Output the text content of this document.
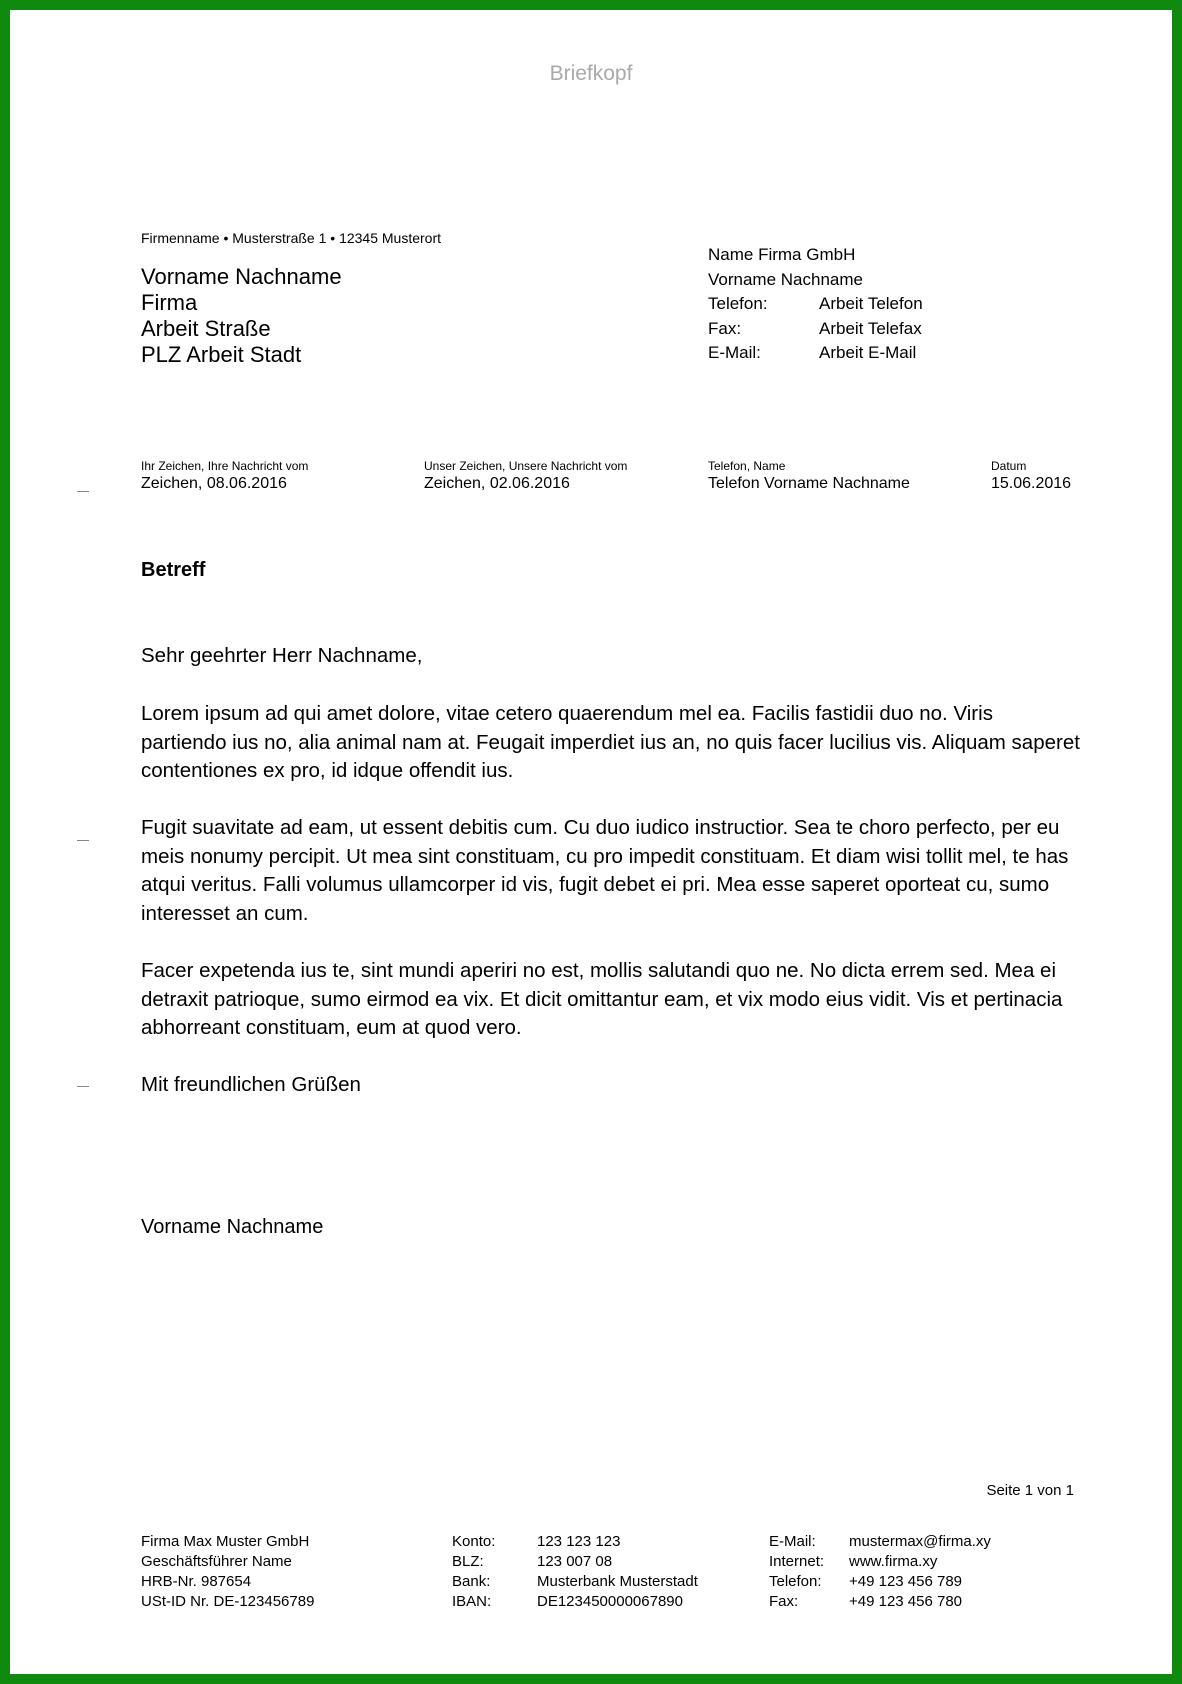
Briefkopf
Firmenname • Musterstraße 1 • 12345 Musterort
Vorname Nachname
Firma
Arbeit Straße
PLZ Arbeit Stadt
Name Firma GmbH
Vorname Nachname
Telefon:	Arbeit Telefon
Fax:	Arbeit Telefax
E-Mail:	Arbeit E-Mail
Ihr Zeichen, Ihre Nachricht vom
Zeichen, 08.06.2016
Unser Zeichen, Unsere Nachricht vom
Zeichen, 02.06.2016
Telefon, Name
Telefon Vorname Nachname
Datum
15.06.2016
Betreff

Sehr geehrter Herr Nachname,

Lorem ipsum ad qui amet dolore, vitae cetero quaerendum mel ea. Facilis fastidii duo no. Viris partiendo ius no, alia animal nam at. Feugait imperdiet ius an, no quis facer lucilius vis. Aliquam saperet contentiones ex pro, id idque offendit ius.

Fugit suavitate ad eam, ut essent debitis cum. Cu duo iudico instructior. Sea te choro perfecto, per eu meis nonumy percipit. Ut mea sint constituam, cu pro impedit constituam. Et diam wisi tollit mel, te has atqui veritus. Falli volumus ullamcorper id vis, fugit debet ei pri. Mea esse saperet oporteat cu, sumo interesset an cum.

Facer expetenda ius te, sint mundi aperiri no est, mollis salutandi quo ne. No dicta errem sed. Mea ei detraxit patrioque, sumo eirmod ea vix. Et dicit omittantur eam, et vix modo eius vidit. Vis et pertinacia abhorreant constituam, eum at quod vero.

Mit freundlichen Grüßen

Vorname Nachname
Seite 1 von 1
Firma Max Muster GmbH
Geschäftsführer Name
HRB-Nr. 987654
USt-ID Nr. DE-123456789
Konto:	123 123 123
BLZ:	123 007 08
Bank:	Musterbank Musterstadt
IBAN:	DE123450000067890
E-Mail:	mustermax@firma.xy
Internet:	www.firma.xy
Telefon:	+49 123 456 789
Fax:	+49 123 456 780
